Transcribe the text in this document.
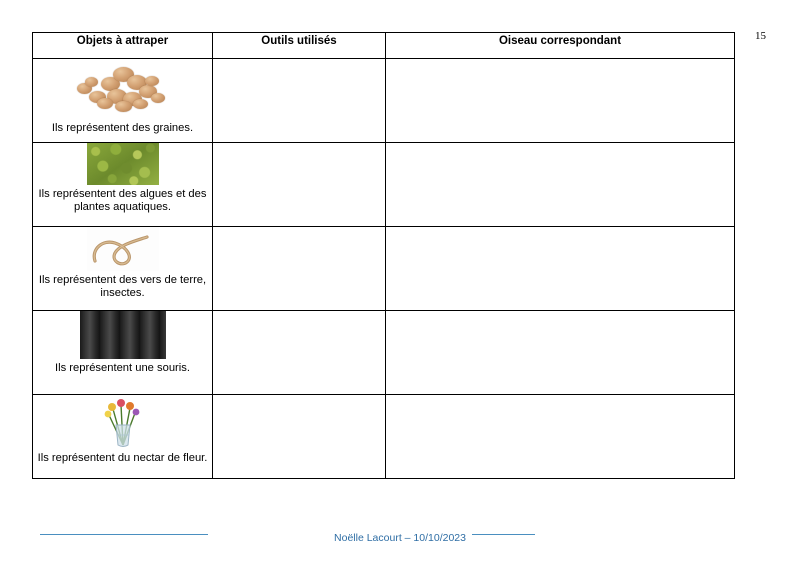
15
Objets à attraper	Outils utilisés	Oiseau correspondant

Ils représentent des graines.		

Ils représentent des algues et des plantes aquatiques.		

Ils représentent des vers de terre, insectes.		

Ils représentent une souris.		

Ils représentent du nectar de fleur.		

Noëlle Lacourt – 10/10/2023
